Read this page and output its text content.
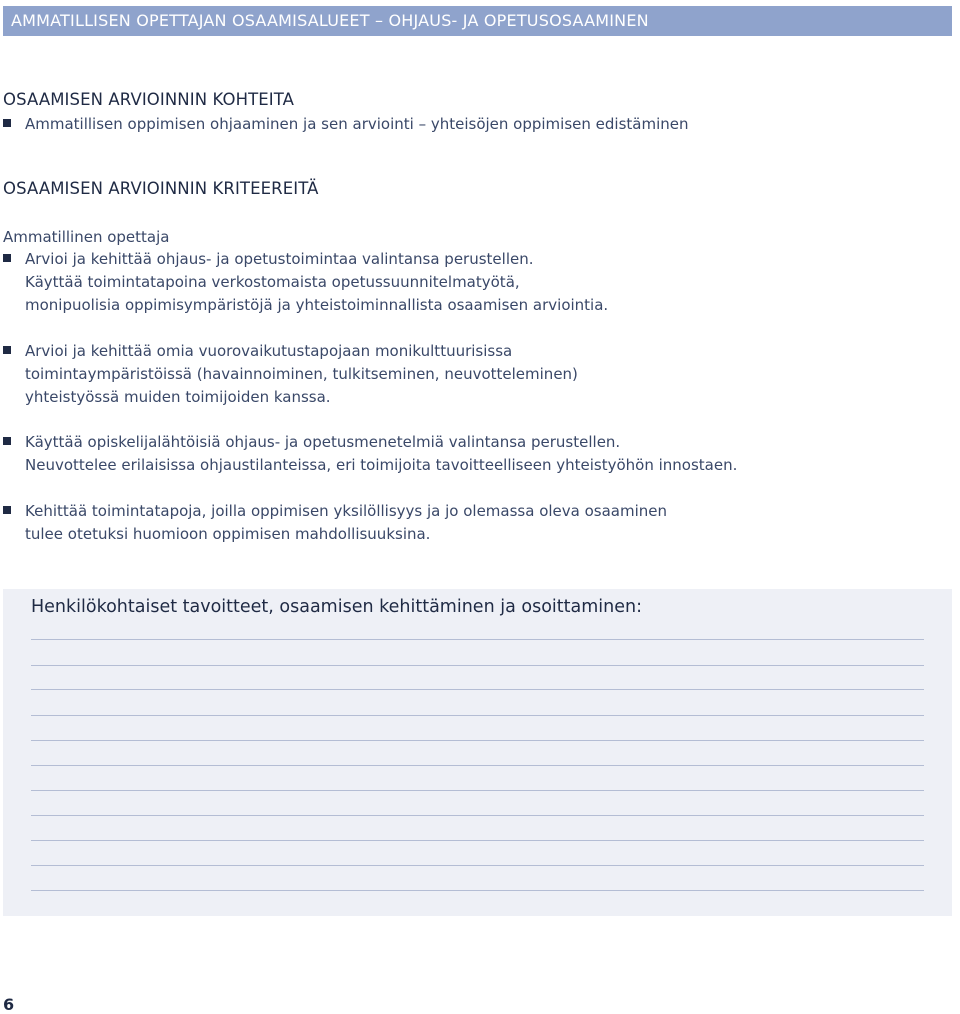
AMMATILLISEN OPETTAJAN OSAAMISALUEET – OHJAUS- JA OPETUSOSAAMINEN
OSAAMISEN ARVIOINNIN KOHTEITA
Ammatillisen oppimisen ohjaaminen ja sen arviointi – yhteisöjen oppimisen edistäminen
OSAAMISEN ARVIOINNIN KRITEEREITÄ
Ammatillinen opettaja
Arvioi ja kehittää ohjaus- ja opetustoimintaa valintansa perustellen.
Käyttää toimintatapoina verkostomaista opetussuunnitelmatyötä,
monipuolisia oppimisympäristöjä ja yhteistoiminnallista osaamisen arviointia.
Arvioi ja kehittää omia vuorovaikutustapojaan monikulttuurisissa
toimintaympäristöissä (havainnoiminen, tulkitseminen, neuvotteleminen)
yhteistyössä muiden toimijoiden kanssa.
Käyttää opiskelijalähtöisiä ohjaus- ja opetusmenetelmiä valintansa perustellen.
Neuvottelee erilaisissa ohjaustilanteissa, eri toimijoita tavoitteelliseen yhteistyöhön innostaen.
Kehittää toimintatapoja, joilla oppimisen yksilöllisyys ja jo olemassa oleva osaaminen
tulee otetuksi huomioon oppimisen mahdollisuuksina.
Henkilökohtaiset tavoitteet, osaamisen kehittäminen ja osoittaminen:
6
